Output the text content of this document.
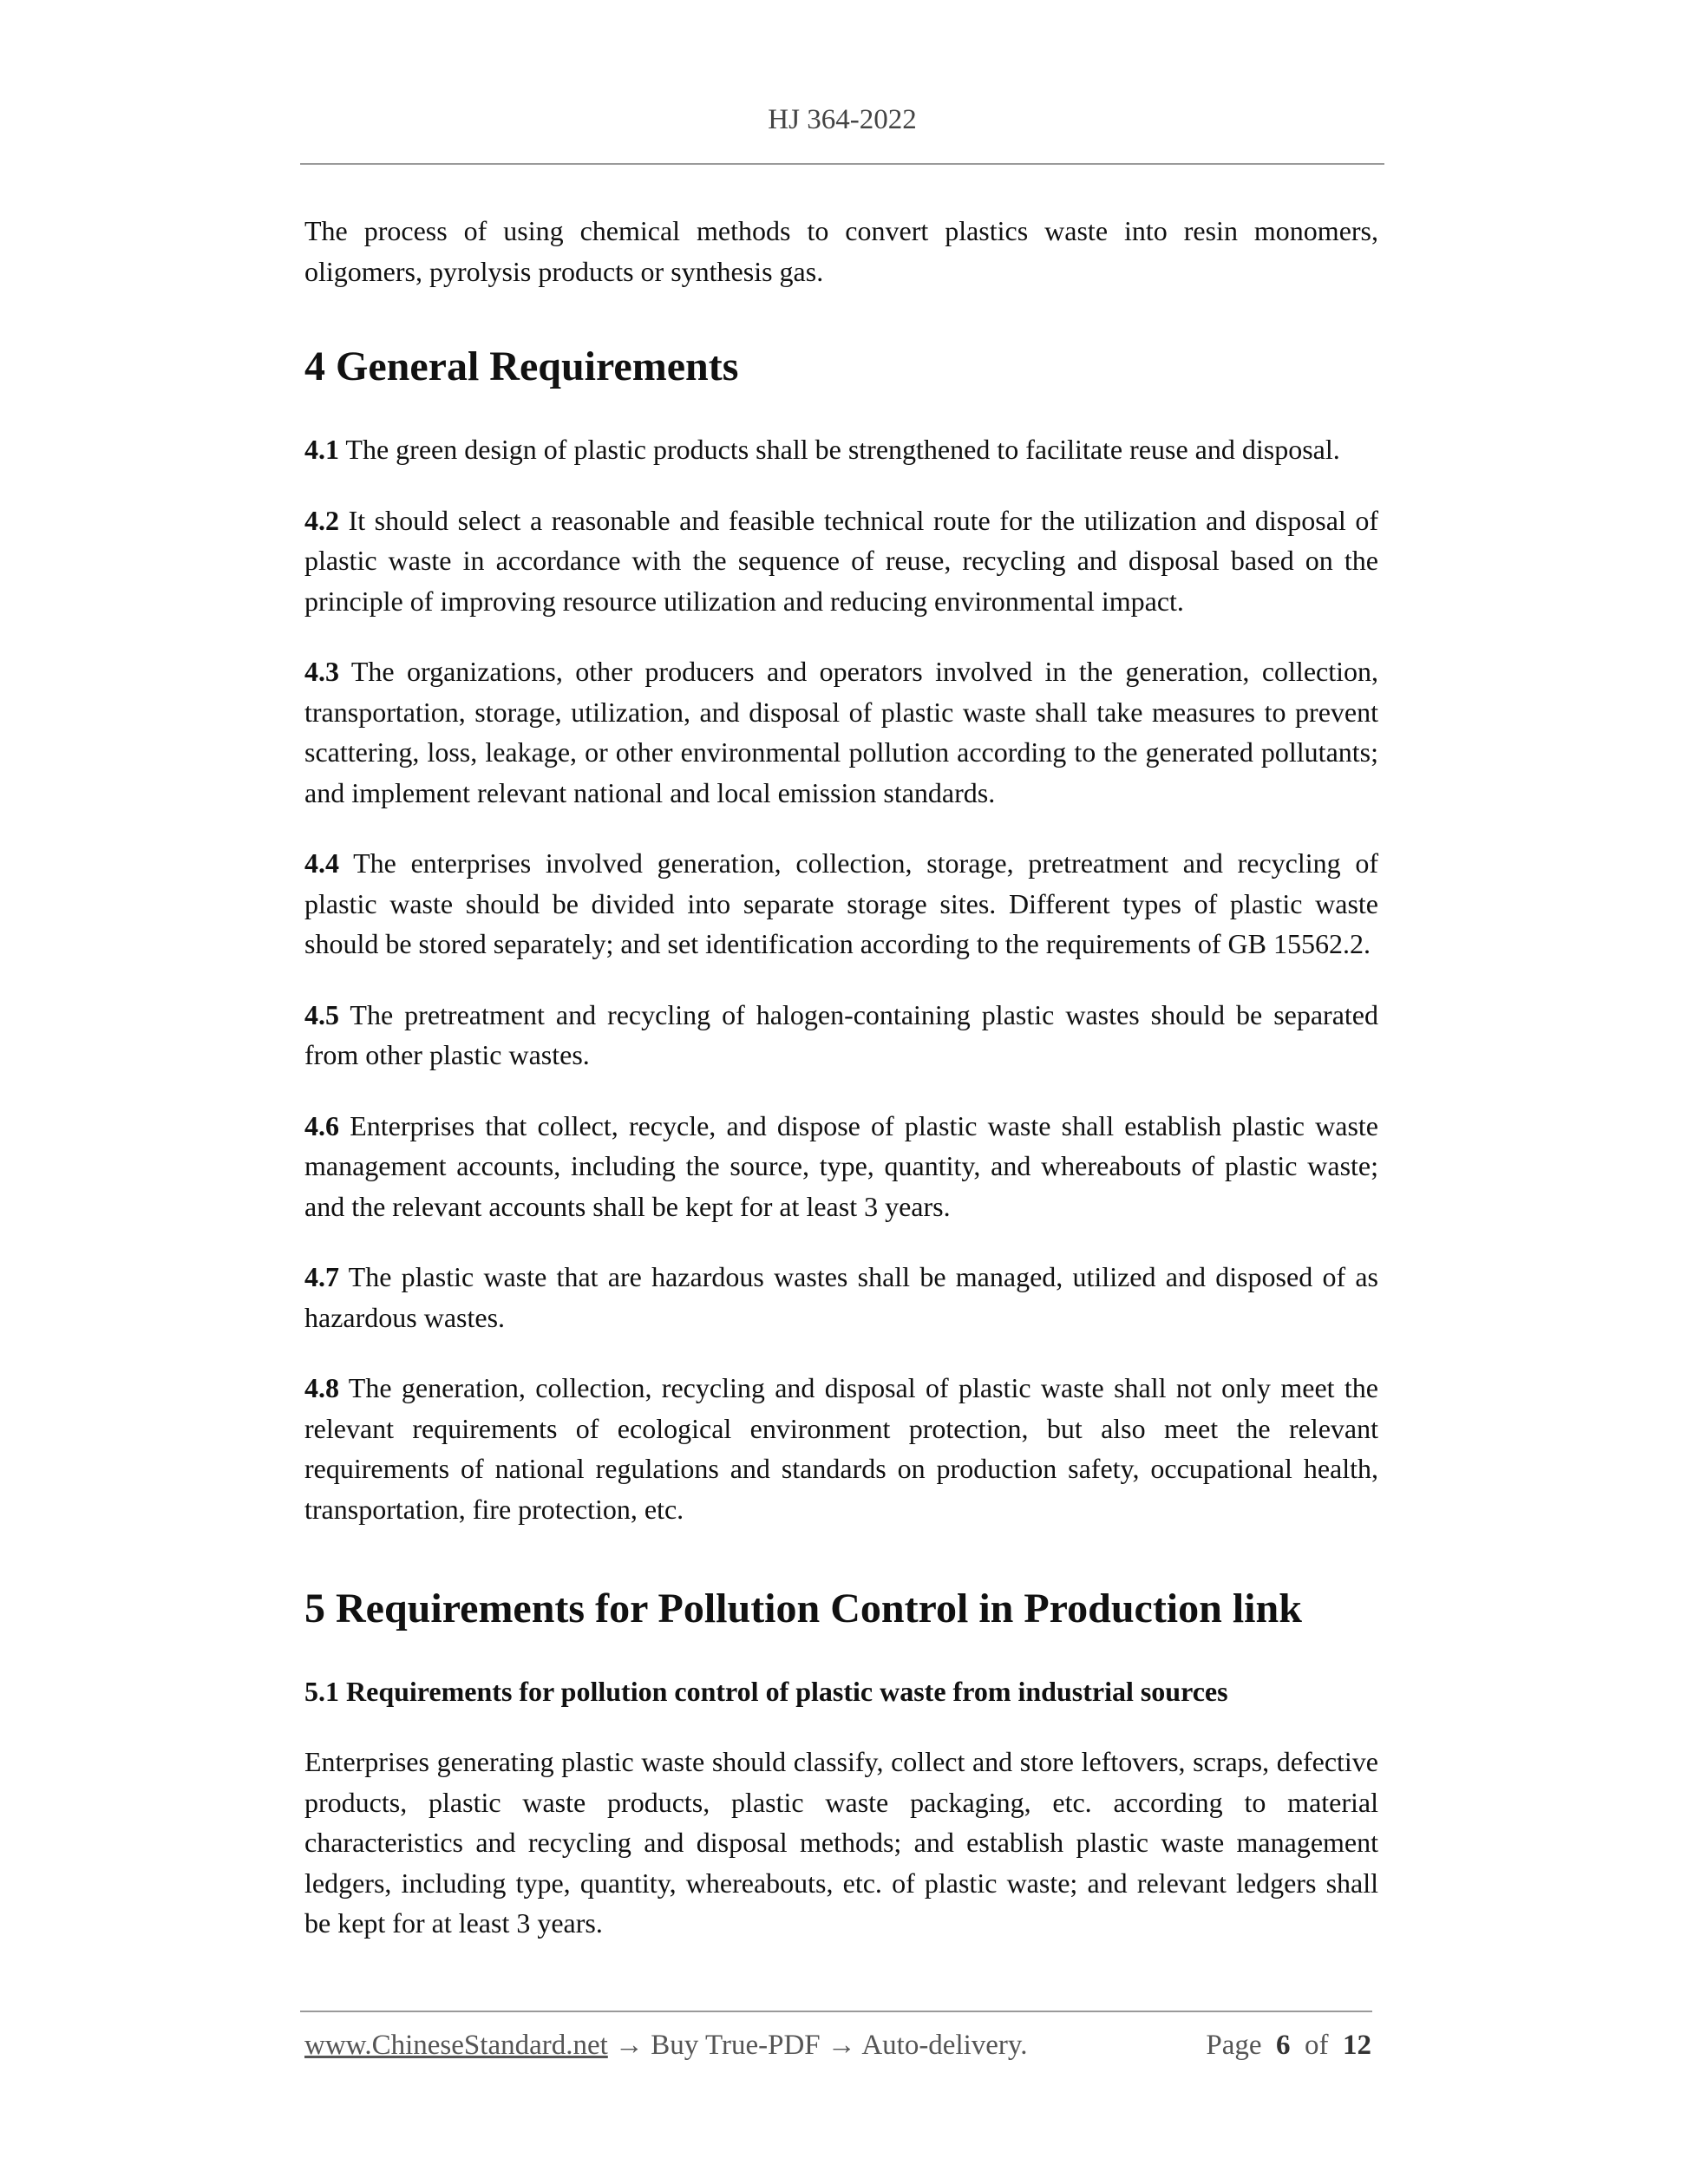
HJ 364-2022

The process of using chemical methods to convert plastics waste into resin monomers, oligomers, pyrolysis products or synthesis gas.

4 General Requirements

4.1 The green design of plastic products shall be strengthened to facilitate reuse and disposal.

4.2 It should select a reasonable and feasible technical route for the utilization and disposal of plastic waste in accordance with the sequence of reuse, recycling and disposal based on the principle of improving resource utilization and reducing environmental impact.

4.3 The organizations, other producers and operators involved in the generation, collection, transportation, storage, utilization, and disposal of plastic waste shall take measures to prevent scattering, loss, leakage, or other environmental pollution according to the generated pollutants; and implement relevant national and local emission standards.

4.4 The enterprises involved generation, collection, storage, pretreatment and recycling of plastic waste should be divided into separate storage sites. Different types of plastic waste should be stored separately; and set identification according to the requirements of GB 15562.2.

4.5 The pretreatment and recycling of halogen-containing plastic wastes should be separated from other plastic wastes.

4.6 Enterprises that collect, recycle, and dispose of plastic waste shall establish plastic waste management accounts, including the source, type, quantity, and whereabouts of plastic waste; and the relevant accounts shall be kept for at least 3 years.

4.7 The plastic waste that are hazardous wastes shall be managed, utilized and disposed of as hazardous wastes.

4.8 The generation, collection, recycling and disposal of plastic waste shall not only meet the relevant requirements of ecological environment protection, but also meet the relevant requirements of national regulations and standards on production safety, occupational health, transportation, fire protection, etc.

5 Requirements for Pollution Control in Production link
5.1 Requirements for pollution control of plastic waste from industrial sources

Enterprises generating plastic waste should classify, collect and store leftovers, scraps, defective products, plastic waste products, plastic waste packaging, etc. according to material characteristics and recycling and disposal methods; and establish plastic waste management ledgers, including type, quantity, whereabouts, etc. of plastic waste; and relevant ledgers shall be kept for at least 3 years.

www.ChineseStandard.net → Buy True-PDF → Auto-delivery.	Page 6 of 12
